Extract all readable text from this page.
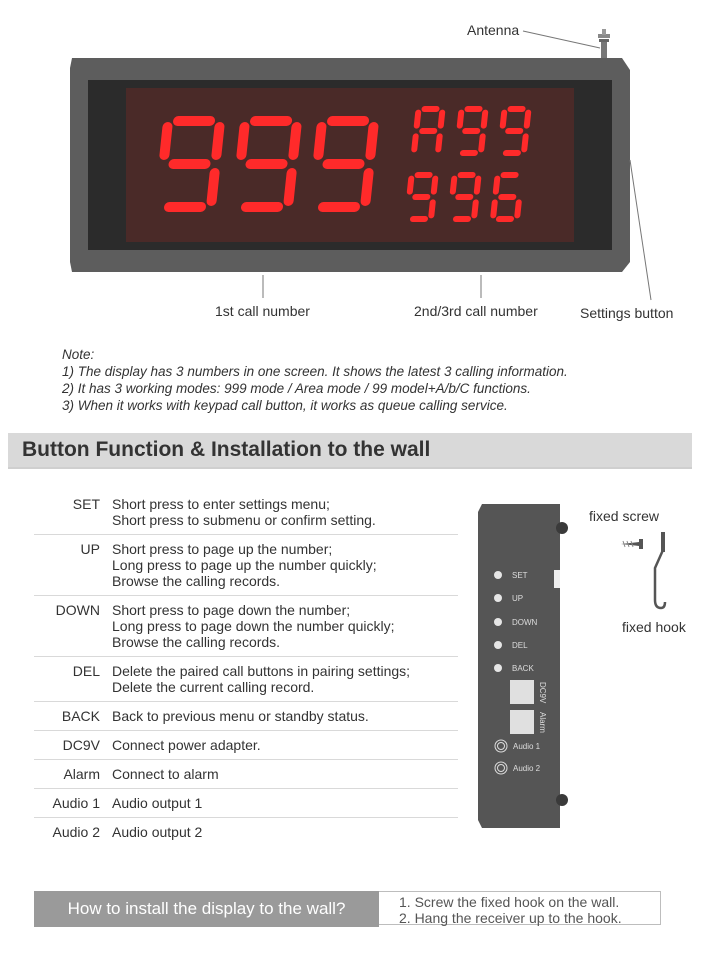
Antenna
1st call number	2nd/3rd call number	Settings button
Note:
1) The display has 3 numbers in one screen. It shows the latest 3 calling information.
2) It has 3 working modes: 999 mode / Area mode / 99 model+A/b/C functions.
3) When it works with keypad call button, it works as queue calling service.
Button Function & Installation to the wall
SET Short press to enter settings menu;
Short press to submenu or confirm setting.
UP Short press to page up the number;
Long press to page up the number quickly;
Browse the calling records.
DOWN Short press to page down the number;
Long press to page down the number quickly;
Browse the calling records.
DEL Delete the paired call buttons in pairing settings;
Delete the current calling record.
BACK Back to previous menu or standby status.
DC9V Connect power adapter.
Alarm Connect to alarm
Audio 1 Audio output 1
Audio 2 Audio output 2
SET
UP
DOWN
DEL
BACK
DC9V
Alarm
Audio 1
Audio 2
fixed screw
fixed hook
How to install the display to the wall?	1. Screw the fixed hook on the wall.
2. Hang the receiver up to the hook.
